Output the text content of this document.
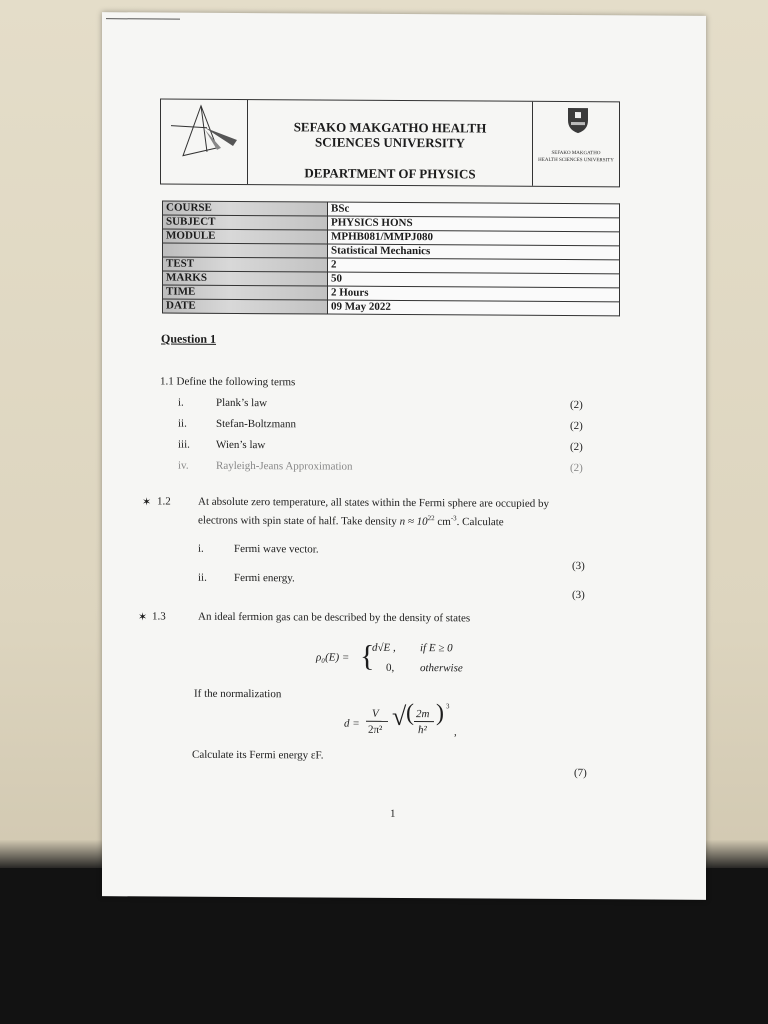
SEFAKO MAKGATHO HEALTH
SCIENCES UNIVERSITY
DEPARTMENT OF PHYSICS
SEFAKO MAKGATHO
HEALTH SCIENCES UNIVERSITY
COURSE	BSc
SUBJECT	PHYSICS HONS
MODULE	MPHB081/MMPJ080
	Statistical Mechanics
TEST	2
MARKS	50
TIME	2 Hours
DATE	09 May 2022
Question 1
1.1 Define the following terms
i.	Plank’s law	(2)
ii.	Stefan-Boltzmann	(2)
iii. Wien’s law	(2)
iv. Rayleigh-Jeans Approximation	(2)
✶ 1.2 At absolute zero temperature, all states within the Fermi sphere are occupied by
electrons with spin state of half. Take density $n \approx 10^{22}$ $cm^{-3}$. Calculate
i.	Fermi wave vector.
(3)
ii. Fermi energy.
(3)
✶ 1.3	An ideal fermion gas can be described by the density of states
ρ₀(E) = {
d√E , if E ≥ 0
0, otherwise
If the normalization
d =
V
2π² √ ( 2m
ħ²
) 3
,
Calculate its Fermi energy εF.
(7)
1
